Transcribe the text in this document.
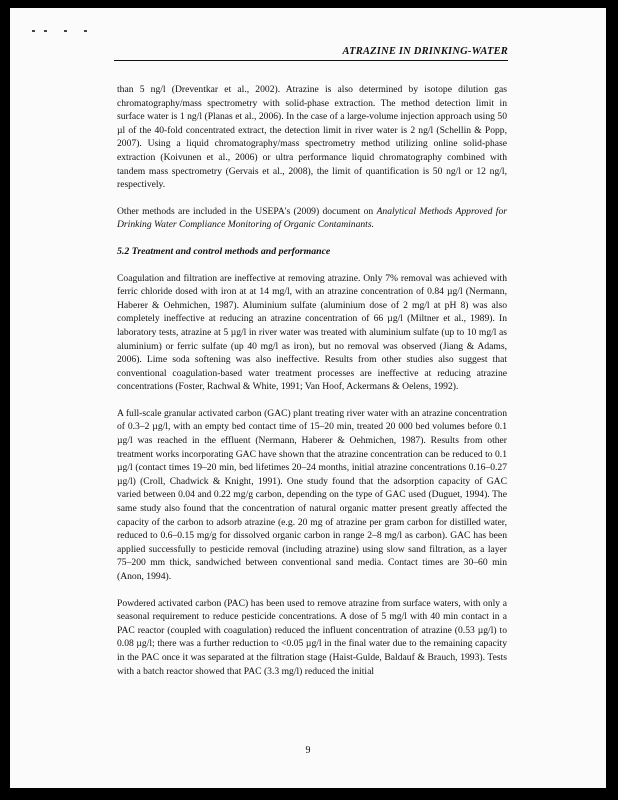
ATRAZINE IN DRINKING-WATER

than 5 ng/l (Dreventkar et al., 2002). Atrazine is also determined by isotope dilution gas chromatography/mass spectrometry with solid-phase extraction. The method detection limit in surface water is 1 ng/l (Planas et al., 2006). In the case of a large-volume injection approach using 50 µl of the 40-fold concentrated extract, the detection limit in river water is 2 ng/l (Schellin & Popp, 2007). Using a liquid chromatography/mass spectrometry method utilizing online solid-phase extraction (Koivunen et al., 2006) or ultra performance liquid chromatography combined with tandem mass spectrometry (Gervais et al., 2008), the limit of quantification is 50 ng/l or 12 ng/l, respectively.

Other methods are included in the USEPA's (2009) document on Analytical Methods Approved for Drinking Water Compliance Monitoring of Organic Contaminants.

5.2 Treatment and control methods and performance

Coagulation and filtration are ineffective at removing atrazine. Only 7% removal was achieved with ferric chloride dosed with iron at at 14 mg/l, with an atrazine concentration of 0.84 µg/l (Nermann, Haberer & Oehmichen, 1987). Aluminium sulfate (aluminium dose of 2 mg/l at pH 8) was also completely ineffective at reducing an atrazine concentration of 66 µg/l (Miltner et al., 1989). In laboratory tests, atrazine at 5 µg/l in river water was treated with aluminium sulfate (up to 10 mg/l as aluminium) or ferric sulfate (up 40 mg/l as iron), but no removal was observed (Jiang & Adams, 2006). Lime soda softening was also ineffective. Results from other studies also suggest that conventional coagulation-based water treatment processes are ineffective at reducing atrazine concentrations (Foster, Rachwal & White, 1991; Van Hoof, Ackermans & Oelens, 1992).

A full-scale granular activated carbon (GAC) plant treating river water with an atrazine concentration of 0.3–2 µg/l, with an empty bed contact time of 15–20 min, treated 20 000 bed volumes before 0.1 µg/l was reached in the effluent (Nermann, Haberer & Oehmichen, 1987). Results from other treatment works incorporating GAC have shown that the atrazine concentration can be reduced to 0.1 µg/l (contact times 19–20 min, bed lifetimes 20–24 months, initial atrazine concentrations 0.16–0.27 µg/l) (Croll, Chadwick & Knight, 1991). One study found that the adsorption capacity of GAC varied between 0.04 and 0.22 mg/g carbon, depending on the type of GAC used (Duguet, 1994). The same study also found that the concentration of natural organic matter present greatly affected the capacity of the carbon to adsorb atrazine (e.g. 20 mg of atrazine per gram carbon for distilled water, reduced to 0.6–0.15 mg/g for dissolved organic carbon in range 2–8 mg/l as carbon). GAC has been applied successfully to pesticide removal (including atrazine) using slow sand filtration, as a layer 75–200 mm thick, sandwiched between conventional sand media. Contact times are 30–60 min (Anon, 1994).

Powdered activated carbon (PAC) has been used to remove atrazine from surface waters, with only a seasonal requirement to reduce pesticide concentrations. A dose of 5 mg/l with 40 min contact in a PAC reactor (coupled with coagulation) reduced the influent concentration of atrazine (0.53 µg/l) to 0.08 µg/l; there was a further reduction to <0.05 µg/l in the final water due to the remaining capacity in the PAC once it was separated at the filtration stage (Haist-Gulde, Baldauf & Brauch, 1993). Tests with a batch reactor showed that PAC (3.3 mg/l) reduced the initial

9
